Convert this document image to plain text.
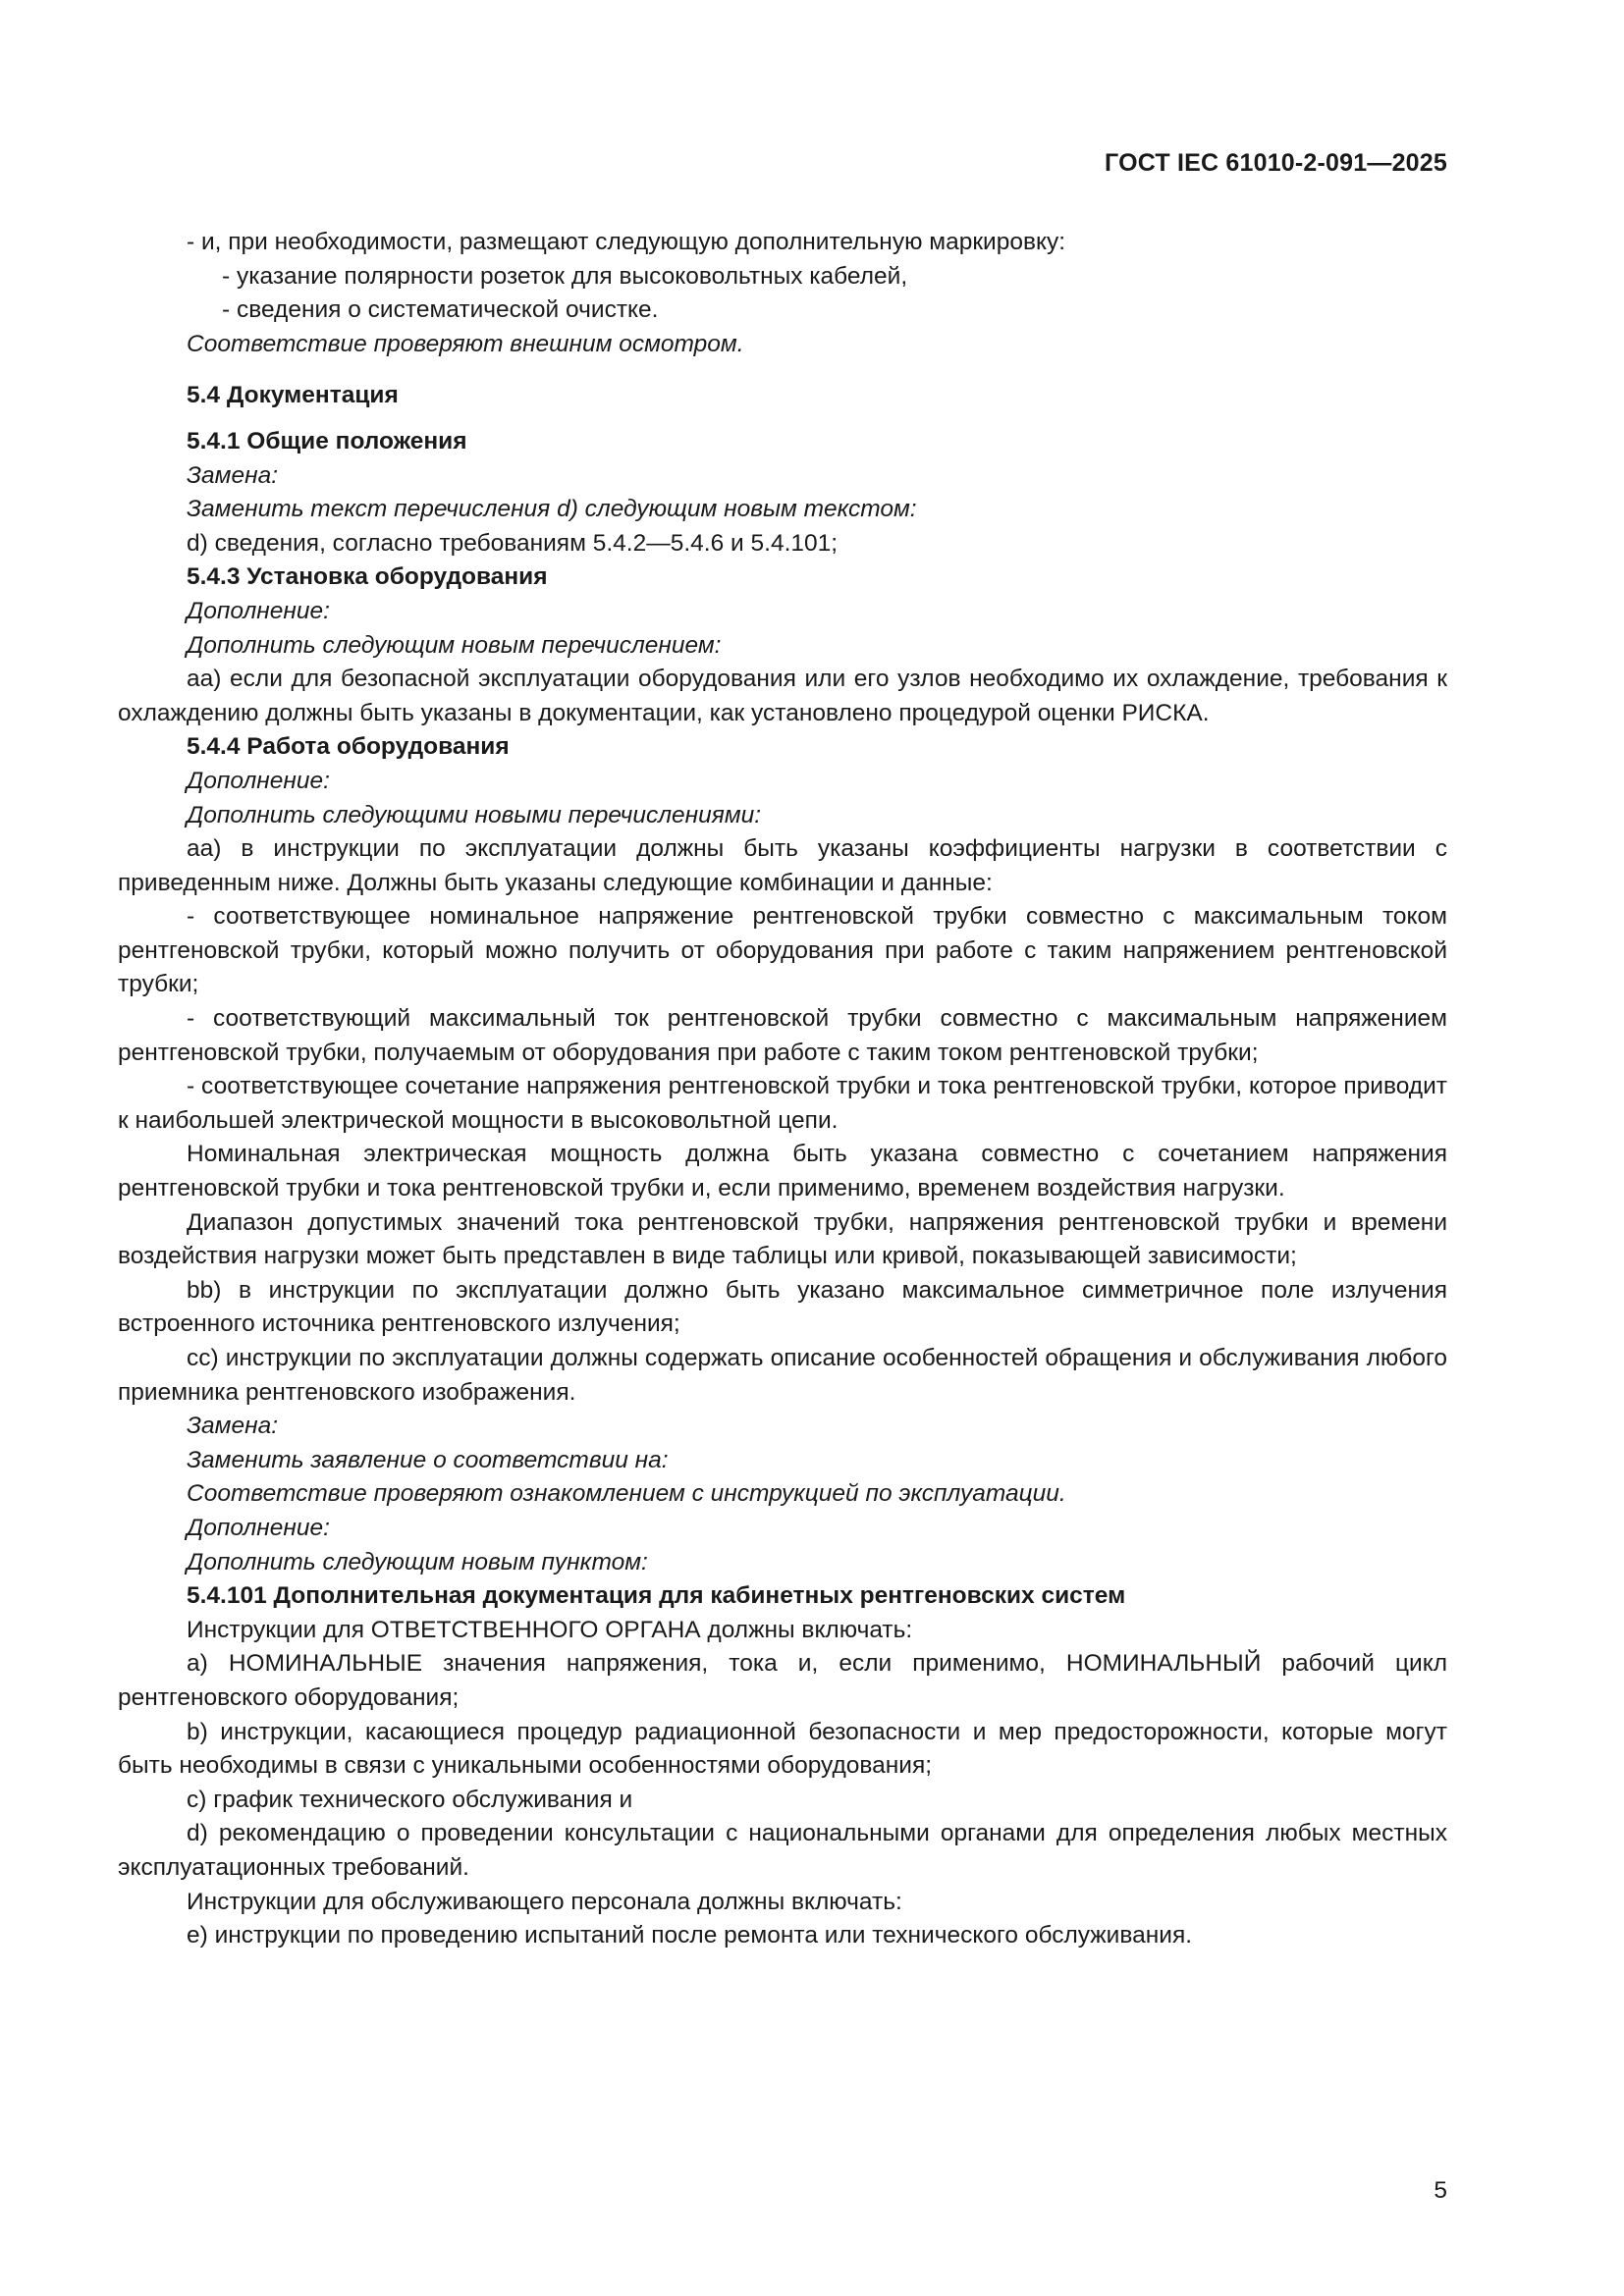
ГОСТ IEC 61010-2-091—2025

- и, при необходимости, размещают следующую дополнительную маркировку:

- указание полярности розеток для высоковольтных кабелей,

- сведения о систематической очистке.

Соответствие проверяют внешним осмотром.

5.4 Документация

5.4.1 Общие положения

Замена:

Заменить текст перечисления d) следующим новым текстом:

d) сведения, согласно требованиям 5.4.2—5.4.6 и 5.4.101;

5.4.3 Установка оборудования

Дополнение:

Дополнить следующим новым перечислением:

aa) если для безопасной эксплуатации оборудования или его узлов необходимо их охлаждение, требования к охлаждению должны быть указаны в документации, как установлено процедурой оценки РИСКА.

5.4.4 Работа оборудования

Дополнение:

Дополнить следующими новыми перечислениями:

aa) в инструкции по эксплуатации должны быть указаны коэффициенты нагрузки в соответствии с приведенным ниже. Должны быть указаны следующие комбинации и данные:

- соответствующее номинальное напряжение рентгеновской трубки совместно с максимальным током рентгеновской трубки, который можно получить от оборудования при работе с таким напряжением рентгеновской трубки;

- соответствующий максимальный ток рентгеновской трубки совместно с максимальным напряжением рентгеновской трубки, получаемым от оборудования при работе с таким током рентгеновской трубки;

- соответствующее сочетание напряжения рентгеновской трубки и тока рентгеновской трубки, которое приводит к наибольшей электрической мощности в высоковольтной цепи.

Номинальная электрическая мощность должна быть указана совместно с сочетанием напряжения рентгеновской трубки и тока рентгеновской трубки и, если применимо, временем воздействия нагрузки.

Диапазон допустимых значений тока рентгеновской трубки, напряжения рентгеновской трубки и времени воздействия нагрузки может быть представлен в виде таблицы или кривой, показывающей зависимости;

bb) в инструкции по эксплуатации должно быть указано максимальное симметричное поле излучения встроенного источника рентгеновского излучения;

cc) инструкции по эксплуатации должны содержать описание особенностей обращения и обслуживания любого приемника рентгеновского изображения.

Замена:

Заменить заявление о соответствии на:

Соответствие проверяют ознакомлением с инструкцией по эксплуатации.

Дополнение:

Дополнить следующим новым пунктом:

5.4.101 Дополнительная документация для кабинетных рентгеновских систем

Инструкции для ОТВЕТСТВЕННОГО ОРГАНА должны включать:

a) НОМИНАЛЬНЫЕ значения напряжения, тока и, если применимо, НОМИНАЛЬНЫЙ рабочий цикл рентгеновского оборудования;

b) инструкции, касающиеся процедур радиационной безопасности и мер предосторожности, которые могут быть необходимы в связи с уникальными особенностями оборудования;

c) график технического обслуживания и

d) рекомендацию о проведении консультации с национальными органами для определения любых местных эксплуатационных требований.

Инструкции для обслуживающего персонала должны включать:

e) инструкции по проведению испытаний после ремонта или технического обслуживания.

5
